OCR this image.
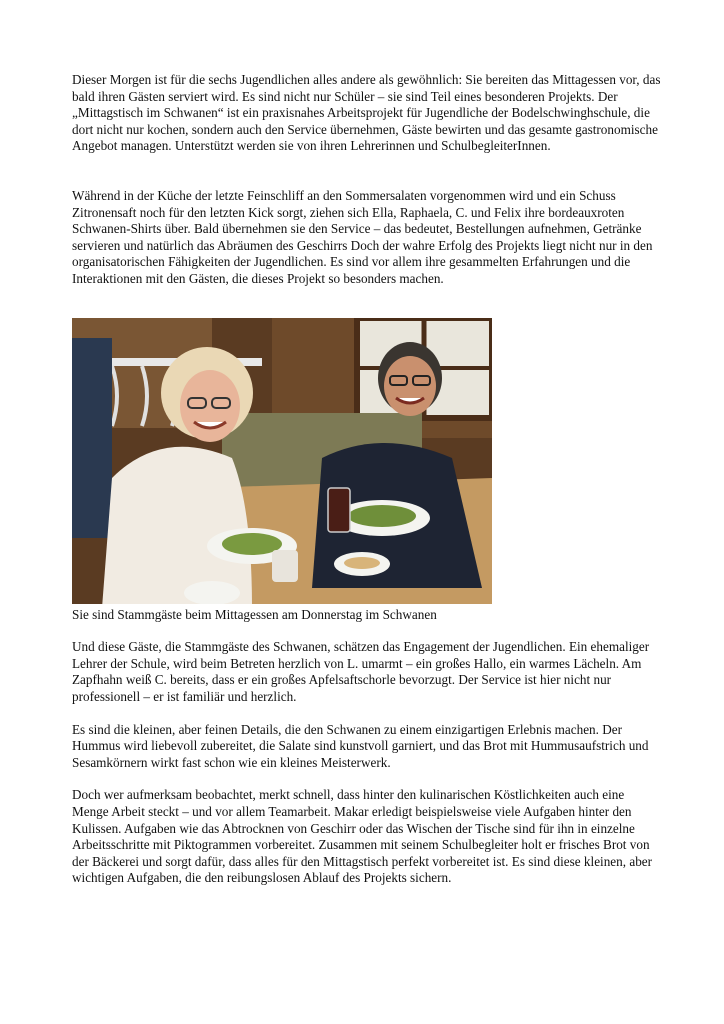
Dieser Morgen ist für die sechs Jugendlichen alles andere als gewöhnlich: Sie bereiten das Mittagessen vor, das bald ihren Gästen serviert wird. Es sind nicht nur Schüler – sie sind Teil eines besonderen Projekts. Der „Mittagstisch im Schwanen“ ist ein praxisnahes Arbeitsprojekt für Jugendliche der Bodelschwinghschule, die dort nicht nur kochen, sondern auch den Service übernehmen, Gäste bewirten und das gesamte gastronomische Angebot managen. Unterstützt werden sie von ihren Lehrerinnen und SchulbegleiterInnen.

Während in der Küche der letzte Feinschliff an den Sommersalaten vorgenommen wird und ein Schuss Zitronensaft noch für den letzten Kick sorgt, ziehen sich Ella, Raphaela, C. und Felix ihre bordeauxroten Schwanen-Shirts über. Bald übernehmen sie den Service – das bedeutet, Bestellungen aufnehmen, Getränke servieren und natürlich das Abräumen des Geschirrs Doch der wahre Erfolg des Projekts liegt nicht nur in den organisatorischen Fähigkeiten der Jugendlichen. Es sind vor allem ihre gesammelten Erfahrungen und die Interaktionen mit den Gästen, die dieses Projekt so besonders machen.

Sie sind Stammgäste beim Mittagessen am Donnerstag im Schwanen

Und diese Gäste, die Stammgäste des Schwanen, schätzen das Engagement der Jugendlichen. Ein ehemaliger Lehrer der Schule, wird beim Betreten herzlich von L. umarmt – ein großes Hallo, ein warmes Lächeln. Am Zapfhahn weiß C. bereits, dass er ein großes Apfelsaftschorle bevorzugt. Der Service ist hier nicht nur professionell – er ist familiär und herzlich.

Es sind die kleinen, aber feinen Details, die den Schwanen zu einem einzigartigen Erlebnis machen. Der Hummus wird liebevoll zubereitet, die Salate sind kunstvoll garniert, und das Brot mit Hummusaufstrich und Sesamkörnern wirkt fast schon wie ein kleines Meisterwerk.

Doch wer aufmerksam beobachtet, merkt schnell, dass hinter den kulinarischen Köstlichkeiten auch eine Menge Arbeit steckt – und vor allem Teamarbeit. Makar erledigt beispielsweise viele Aufgaben hinter den Kulissen. Aufgaben wie das Abtrocknen von Geschirr oder das Wischen der Tische sind für ihn in einzelne Arbeitsschritte mit Piktogrammen vorbereitet. Zusammen mit seinem Schulbegleiter holt er frisches Brot von der Bäckerei und sorgt dafür, dass alles für den Mittagstisch perfekt vorbereitet ist. Es sind diese kleinen, aber wichtigen Aufgaben, die den reibungslosen Ablauf des Projekts sichern.
